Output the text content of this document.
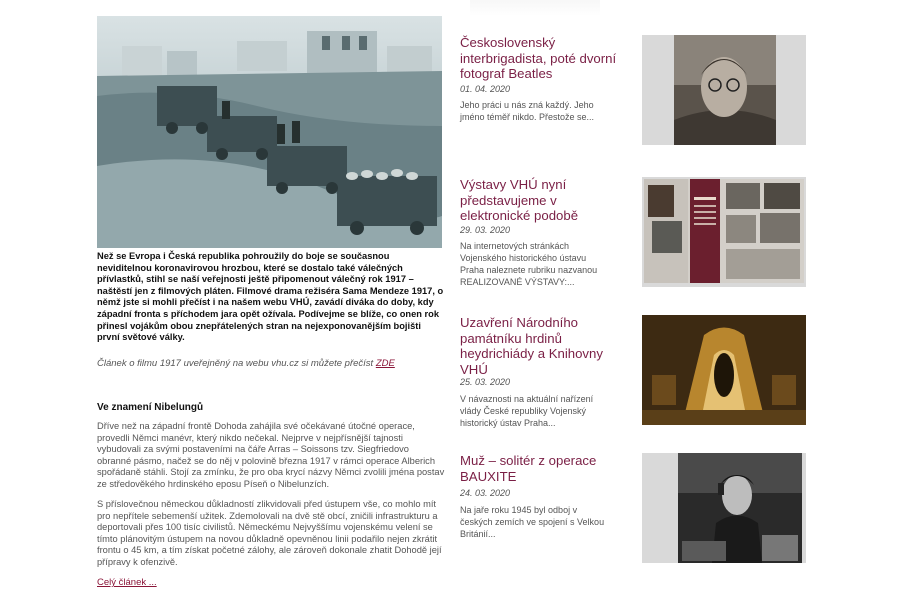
Než se Evropa i Česká republika pohroužily do boje se současnou neviditelnou koronavirovou hrozbou, které se dostalo také válečných přívlastků, stihl se naší veřejnosti ještě připomenout válečný rok 1917 – naštěstí jen z filmových pláten. Filmové drama režiséra Sama Mendeze 1917, o němž jste si mohli přečíst i na našem webu VHÚ, zavádí diváka do doby, kdy západní fronta s příchodem jara opět ožívala. Podívejme se blíže, co onen rok přinesl vojákům obou znepřátelených stran na nejexponovanějším bojišti první světové války.
Článek o filmu 1917 uveřejněný na webu vhu.cz si můžete přečíst ZDE
Ve znamení Nibelungů
Dříve než na západní frontě Dohoda zahájila své očekávané útočné operace, provedli Němci manévr, který nikdo nečekal. Nejprve v nejpřísnější tajnosti vybudovali za svými postaveními na čáře Arras – Soissons tzv. Siegfriedovo obranné pásmo, načež se do něj v polovině března 1917 v rámci operace Alberich spořádaně stáhli. Stojí za zmínku, že pro oba krycí názvy Němci zvolili jména postav ze středověkého hrdinského eposu Píseň o Nibelunzích.
S příslovečnou německou důkladností zlikvidovali před ústupem vše, co mohlo mít pro nepřítele sebemenší užitek. Zdemolovali na dvě stě obcí, zničili infrastrukturu a deportovali přes 100 tisíc civilistů. Německému Nejvyššímu vojenskému velení se tímto plánovitým ústupem na novou důkladně opevněnou linii podařilo nejen zkrátit frontu o 45 km, a tím získat početné zálohy, ale zároveň dokonale zhatit Dohodě její přípravy k ofenzivě.
Celý článek ...
Československý interbrigadista, poté dvorní fotograf Beatles
01. 04. 2020
Jeho práci u nás zná každý. Jeho jméno téměř nikdo. Přestože se...
Výstavy VHÚ nyní představujeme v elektronické podobě
29. 03. 2020
Na internetových stránkách Vojenského historického ústavu Praha naleznete rubriku nazvanou REALIZOVANÉ VÝSTAVY:...
Uzavření Národního památníku hrdinů heydrichiády a Knihovny VHÚ
25. 03. 2020
V návaznosti na aktuální nařízení vlády České republiky Vojenský historický ústav Praha...
Muž – solitér z operace BAUXITE
24. 03. 2020
Na jaře roku 1945 byl odboj v českých zemích ve spojení s Velkou Británií...
